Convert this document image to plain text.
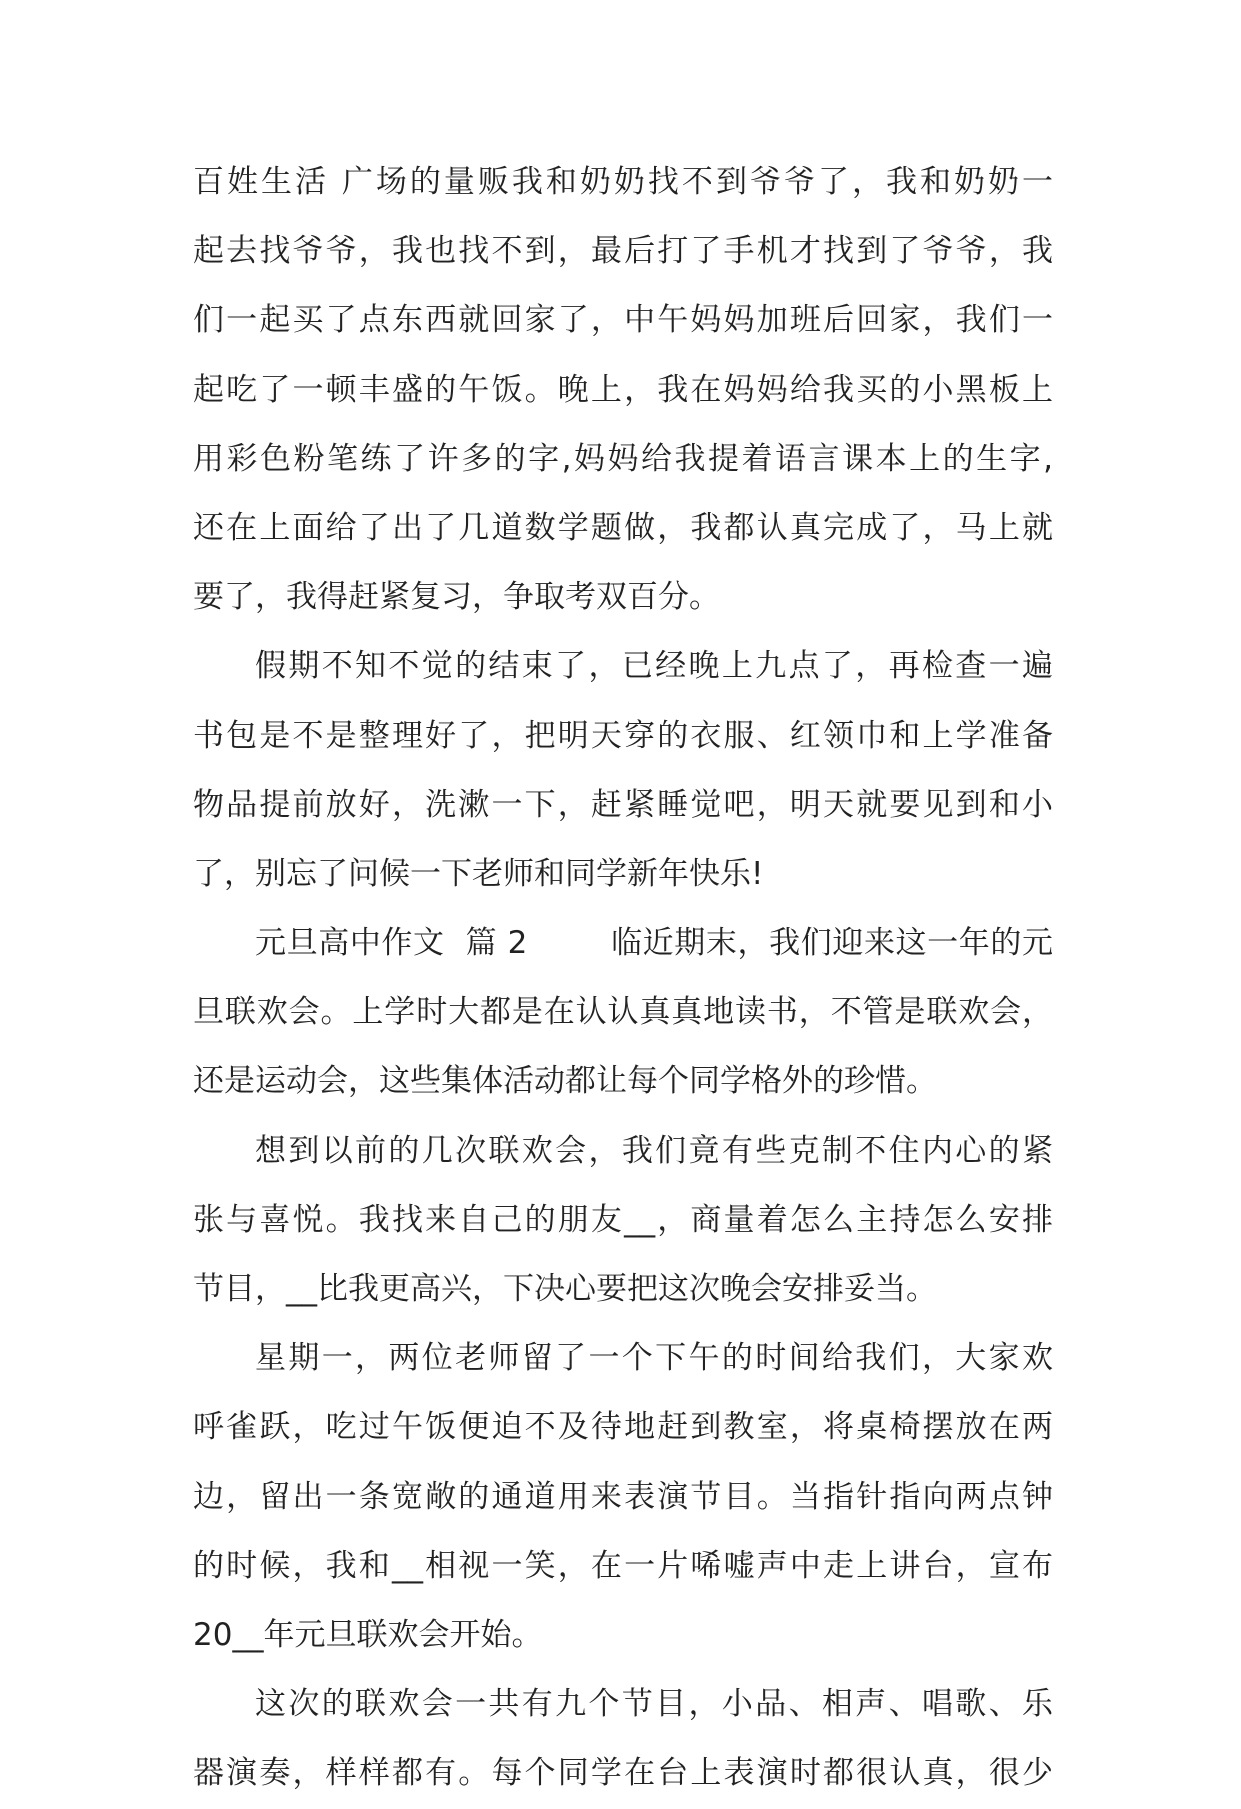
百姓生活 广场的量贩我和奶奶找不到爷爷了，我和奶奶一
起去找爷爷，我也找不到，最后打了手机才找到了爷爷，我
们一起买了点东西就回家了，中午妈妈加班后回家，我们一
起吃了一顿丰盛的午饭。晚上，我在妈妈给我买的小黑板上
用彩色粉笔练了许多的字,妈妈给我提着语言课本上的生字,
还在上面给了出了几道数学题做，我都认真完成了，马上就
要了，我得赶紧复习，争取考双百分。
假期不知不觉的结束了，已经晚上九点了，再检查一遍
书包是不是整理好了，把明天穿的衣服、红领巾和上学准备
物品提前放好，洗漱一下，赶紧睡觉吧，明天就要见到和小
了，别忘了问候一下老师和同学新年快乐!
元旦高中作文  篇 2        临近期末，我们迎来这一年的元
旦联欢会。上学时大都是在认认真真地读书，不管是联欢会，
还是运动会，这些集体活动都让每个同学格外的珍惜。
想到以前的几次联欢会，我们竟有些克制不住内心的紧
张与喜悦。我找来自己的朋友__，商量着怎么主持怎么安排
节目，__比我更高兴，下决心要把这次晚会安排妥当。
星期一，两位老师留了一个下午的时间给我们，大家欢
呼雀跃，吃过午饭便迫不及待地赶到教室，将桌椅摆放在两
边，留出一条宽敞的通道用来表演节目。当指针指向两点钟
的时候，我和__相视一笑，在一片唏嘘声中走上讲台，宣布
20__年元旦联欢会开始。
这次的联欢会一共有九个节目，小品、相声、唱歌、乐
器演奏，样样都有。每个同学在台上表演时都很认真，很少
